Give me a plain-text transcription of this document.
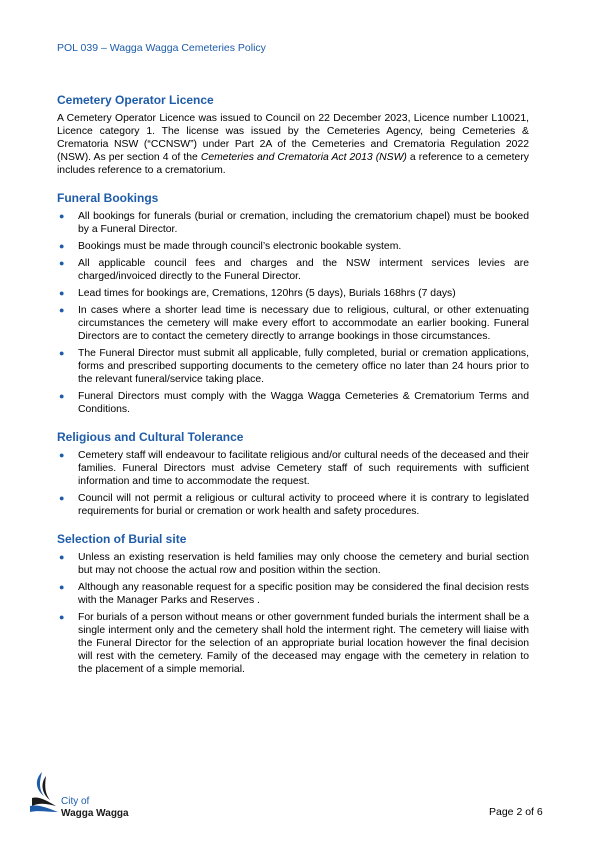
POL 039 – Wagga Wagga Cemeteries Policy
Cemetery Operator Licence

A Cemetery Operator Licence was issued to Council on 22 December 2023, Licence number L10021, Licence category 1. The license was issued by the Cemeteries Agency, being Cemeteries & Crematoria NSW (“CCNSW”) under Part 2A of the Cemeteries and Crematoria Regulation 2022 (NSW). As per section 4 of the Cemeteries and Crematoria Act 2013 (NSW) a reference to a cemetery includes reference to a crematorium.

Funeral Bookings
● All bookings for funerals (burial or cremation, including the crematorium chapel) must be booked by a Funeral Director.
● Bookings must be made through council’s electronic bookable system.
● All applicable council fees and charges and the NSW interment services levies are charged/invoiced directly to the Funeral Director.
● Lead times for bookings are, Cremations, 120hrs (5 days), Burials 168hrs (7 days)
● In cases where a shorter lead time is necessary due to religious, cultural, or other extenuating circumstances the cemetery will make every effort to accommodate an earlier booking. Funeral Directors are to contact the cemetery directly to arrange bookings in those circumstances.
● The Funeral Director must submit all applicable, fully completed, burial or cremation applications, forms and prescribed supporting documents to the cemetery office no later than 24 hours prior to the relevant funeral/service taking place.
● Funeral Directors must comply with the Wagga Wagga Cemeteries & Crematorium Terms and Conditions.
Religious and Cultural Tolerance
● Cemetery staff will endeavour to facilitate religious and/or cultural needs of the deceased and their families. Funeral Directors must advise Cemetery staff of such requirements with sufficient information and time to accommodate the request.
● Council will not permit a religious or cultural activity to proceed where it is contrary to legislated requirements for burial or cremation or work health and safety procedures.
Selection of Burial site
● Unless an existing reservation is held families may only choose the cemetery and burial section but may not choose the actual row and position within the section.
● Although any reasonable request for a specific position may be considered the final decision rests with the Manager Parks and Reserves .
● For burials of a person without means or other government funded burials the interment shall be a single interment only and the cemetery shall hold the interment right. The cemetery will liaise with the Funeral Director for the selection of an appropriate burial location however the final decision will rest with the cemetery. Family of the deceased may engage with the cemetery in relation to the placement of a simple memorial.
City of
Wagga Wagga	Page 2 of 6
